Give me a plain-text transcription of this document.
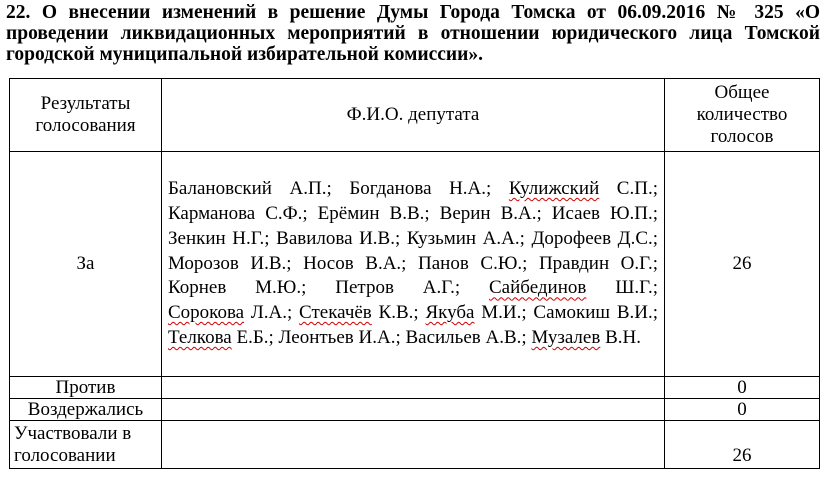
22. О внесении изменений в решение Думы Города Томска от 06.09.2016 № 325 «О проведении ликвидационных мероприятий в отношении юридического лица Томской городской муниципальной избирательной комиссии».
Результаты голосования	Ф.И.О. депутата	Общее количество голосов
За	Балановский А.П.; Богданова Н.А.; Кулижский С.П.; Карманова С.Ф.; Ерёмин В.В.; Верин В.А.; Исаев Ю.П.; Зенкин Н.Г.; Вавилова И.В.; Кузьмин А.А.; Дорофеев Д.С.; Морозов И.В.; Носов В.А.; Панов С.Ю.; Правдин О.Г.; Корнев М.Ю.; Петров А.Г.; Сайбединов Ш.Г.; Сорокова Л.А.; Стекачёв К.В.; Якуба М.И.; Самокиш В.И.; Телкова Е.Б.; Леонтьев И.А.; Васильев А.В.; Музалев В.Н.	26
Против		0
Воздержались		0
Участвовали в голосовании		26
